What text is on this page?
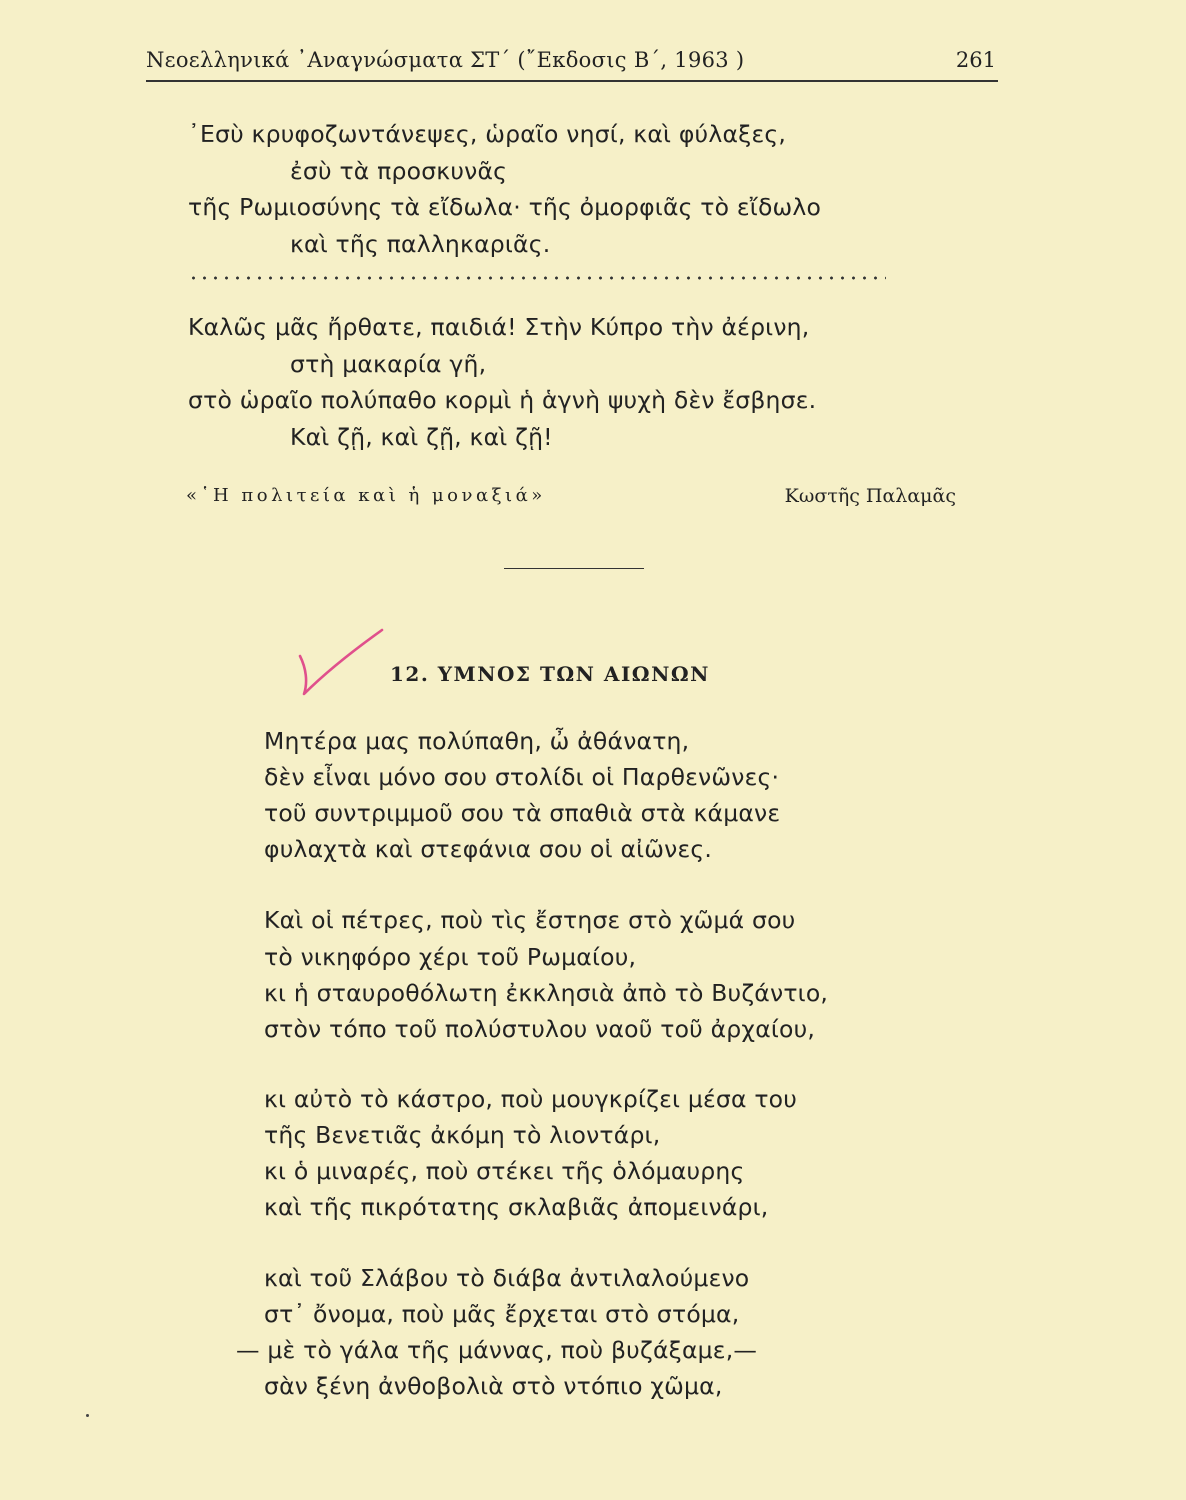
Νεοελληνικά ᾿Αναγνώσματα ΣΤ΄ (῎Εκδοσις Β΄, 1963 )	261
᾿Εσὺ κρυφοζωντάνεψες, ὡραῖο νησί, καὶ φύλαξες,
ἐσὺ τὰ προσκυνᾶς
τῆς Ρωμιοσύνης τὰ εἴδωλα· τῆς ὀμορφιᾶς τὸ εἴδωλο
καὶ τῆς παλληκαριᾶς.
Καλῶς μᾶς ἤρθατε, παιδιά! Στὴν Κύπρο τὴν ἀέρινη,
στὴ μακαρία γῆ,
στὸ ὡραῖο πολύπαθο κορμὶ ἡ ἁγνὴ ψυχὴ δὲν ἔσβησε.
Καὶ ζῇ, καὶ ζῇ, καὶ ζῇ!
«῾Η πολιτεία καὶ ἡ μοναξιά»	Κωστῆς Παλαμᾶς
12. ΥΜΝΟΣ ΤΩΝ ΑΙΩΝΩΝ
Μητέρα μας πολύπαθη, ὦ ἀθάνατη,
δὲν εἶναι μόνο σου στολίδι οἱ Παρθενῶνες·
τοῦ συντριμμοῦ σου τὰ σπαθιὰ στὰ κάμανε
φυλαχτὰ καὶ στεφάνια σου οἱ αἰῶνες.
Καὶ οἱ πέτρες, ποὺ τὶς ἔστησε στὸ χῶμά σου
τὸ νικηφόρο χέρι τοῦ Ρωμαίου,
κι ἡ σταυροθόλωτη ἐκκλησιὰ ἀπὸ τὸ Βυζάντιο,
στὸν τόπο τοῦ πολύστυλου ναοῦ τοῦ ἀρχαίου,
κι αὐτὸ τὸ κάστρο, ποὺ μουγκρίζει μέσα του
τῆς Βενετιᾶς ἀκόμη τὸ λιοντάρι,
κι ὁ μιναρές, ποὺ στέκει τῆς ὁλόμαυρης
καὶ τῆς πικρότατης σκλαβιᾶς ἀπομεινάρι,
καὶ τοῦ Σλάβου τὸ διάβα ἀντιλαλούμενο
στ᾿ ὄνομα, ποὺ μᾶς ἔρχεται στὸ στόμα,
— μὲ τὸ γάλα τῆς μάννας, ποὺ βυζάξαμε,—
σὰν ξένη ἀνθοβολιὰ στὸ ντόπιο χῶμα,
